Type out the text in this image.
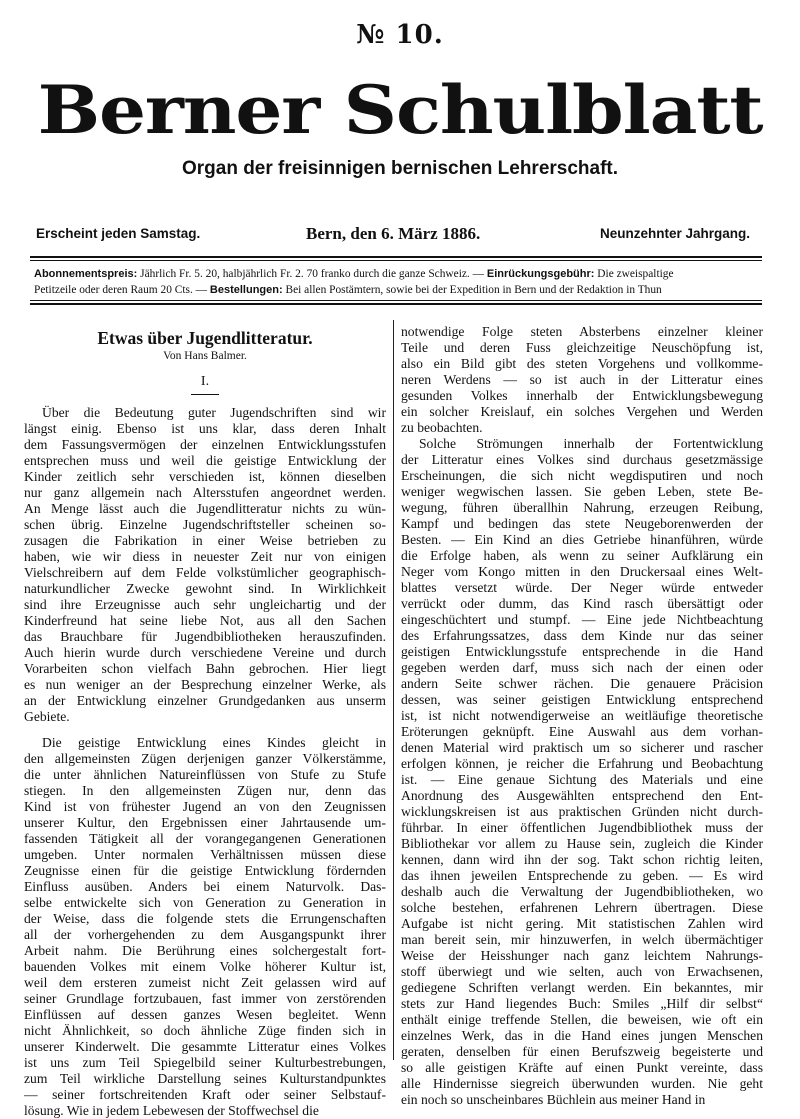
№ 10.
Berner Schulblatt
Organ der freisinnigen bernischen Lehrerschaft.
Erscheint jeden Samstag.	Bern, den 6. März 1886.	Neunzehnter Jahrgang.
Abonnementspreis: Jährlich Fr. 5. 20, halbjährlich Fr. 2. 70 franko durch die ganze Schweiz. — Einrückungsgebühr: Die zweispaltige
Petitzeile oder deren Raum 20 Cts. — Bestellungen: Bei allen Postämtern, sowie bei der Expedition in Bern und der Redaktion in Thun
Etwas über Jugendlitteratur.
Von Hans Balmer.
I.
Über die Bedeutung guter Jugendschriften sind wir
längst einig. Ebenso ist uns klar, dass deren Inhalt
dem Fassungsvermögen der einzelnen Entwicklungsstufen
entsprechen muss und weil die geistige Entwicklung der
Kinder zeitlich sehr verschieden ist, können dieselben
nur ganz allgemein nach Altersstufen angeordnet werden.
An Menge lässt auch die Jugendlitteratur nichts zu wün-
schen übrig. Einzelne Jugendschriftsteller scheinen so-
zusagen die Fabrikation in einer Weise betrieben zu
haben, wie wir diess in neuester Zeit nur von einigen
Vielschreibern auf dem Felde volkstümlicher geographisch-
naturkundlicher Zwecke gewohnt sind. In Wirklichkeit
sind ihre Erzeugnisse auch sehr ungleichartig und der
Kinderfreund hat seine liebe Not, aus all den Sachen
das Brauchbare für Jugendbibliotheken herauszufinden.
Auch hierin wurde durch verschiedene Vereine und durch
Vorarbeiten schon vielfach Bahn gebrochen. Hier liegt
es nun weniger an der Besprechung einzelner Werke, als
an der Entwicklung einzelner Grundgedanken aus unserm
Gebiete.
Die geistige Entwicklung eines Kindes gleicht in
den allgemeinsten Zügen derjenigen ganzer Völkerstämme,
die unter ähnlichen Natureinflüssen von Stufe zu Stufe
stiegen. In den allgemeinsten Zügen nur, denn das
Kind ist von frühester Jugend an von den Zeugnissen
unserer Kultur, den Ergebnissen einer Jahrtausende um-
fassenden Tätigkeit all der vorangegangenen Generationen
umgeben. Unter normalen Verhältnissen müssen diese
Zeugnisse einen für die geistige Entwicklung fördernden
Einfluss ausüben. Anders bei einem Naturvolk. Das-
selbe entwickelte sich von Generation zu Generation in
der Weise, dass die folgende stets die Errungenschaften
all der vorhergehenden zu dem Ausgangspunkt ihrer
Arbeit nahm. Die Berührung eines solchergestalt fort-
bauenden Volkes mit einem Volke höherer Kultur ist,
weil dem ersteren zumeist nicht Zeit gelassen wird auf
seiner Grundlage fortzubauen, fast immer von zerstörenden
Einflüssen auf dessen ganzes Wesen begleitet. Wenn
nicht Ähnlichkeit, so doch ähnliche Züge finden sich in
unserer Kinderwelt. Die gesammte Litteratur eines Volkes
ist uns zum Teil Spiegelbild seiner Kulturbestrebungen,
zum Teil wirkliche Darstellung seines Kulturstandpunktes
— seiner fortschreitenden Kraft oder seiner Selbstauf-
lösung. Wie in jedem Lebewesen der Stoffwechsel die
notwendige Folge steten Absterbens einzelner kleiner
Teile und deren Fuss gleichzeitige Neuschöpfung ist,
also ein Bild gibt des steten Vorgehens und vollkomme-
neren Werdens — so ist auch in der Litteratur eines
gesunden Volkes innerhalb der Entwicklungsbewegung
ein solcher Kreislauf, ein solches Vergehen und Werden
zu beobachten.
Solche Strömungen innerhalb der Fortentwicklung
der Litteratur eines Volkes sind durchaus gesetzmässige
Erscheinungen, die sich nicht wegdisputiren und noch
weniger wegwischen lassen. Sie geben Leben, stete Be-
wegung, führen überallhin Nahrung, erzeugen Reibung,
Kampf und bedingen das stete Neugeborenwerden der
Besten. — Ein Kind an dies Getriebe hinanführen, würde
die Erfolge haben, als wenn zu seiner Aufklärung ein
Neger vom Kongo mitten in den Druckersaal eines Welt-
blattes versetzt würde. Der Neger würde entweder
verrückt oder dumm, das Kind rasch übersättigt oder
eingeschüchtert und stumpf. — Eine jede Nichtbeachtung
des Erfahrungssatzes, dass dem Kinde nur das seiner
geistigen Entwicklungsstufe entsprechende in die Hand
gegeben werden darf, muss sich nach der einen oder
andern Seite schwer rächen. Die genauere Präcision
dessen, was seiner geistigen Entwicklung entsprechend
ist, ist nicht notwendigerweise an weitläufige theoretische
Eröterungen geknüpft. Eine Auswahl aus dem vorhan-
denen Material wird praktisch um so sicherer und rascher
erfolgen können, je reicher die Erfahrung und Beobachtung
ist. — Eine genaue Sichtung des Materials und eine
Anordnung des Ausgewählten entsprechend den Ent-
wicklungskreisen ist aus praktischen Gründen nicht durch-
führbar. In einer öffentlichen Jugendbibliothek muss der
Bibliothekar vor allem zu Hause sein, zugleich die Kinder
kennen, dann wird ihn der sog. Takt schon richtig leiten,
das ihnen jeweilen Entsprechende zu geben. — Es wird
deshalb auch die Verwaltung der Jugendbibliotheken, wo
solche bestehen, erfahrenen Lehrern übertragen. Diese
Aufgabe ist nicht gering. Mit statistischen Zahlen wird
man bereit sein, mir hinzuwerfen, in welch übermächtiger
Weise der Heisshunger nach ganz leichtem Nahrungs-
stoff überwiegt und wie selten, auch von Erwachsenen,
gediegene Schriften verlangt werden. Ein bekanntes, mir
stets zur Hand liegendes Buch: Smiles „Hilf dir selbst“
enthält einige treffende Stellen, die beweisen, wie oft ein
einzelnes Werk, das in die Hand eines jungen Menschen
geraten, denselben für einen Berufszweig begeisterte und
so alle geistigen Kräfte auf einen Punkt vereinte, dass
alle Hindernisse siegreich überwunden wurden. Nie geht
ein noch so unscheinbares Büchlein aus meiner Hand in
